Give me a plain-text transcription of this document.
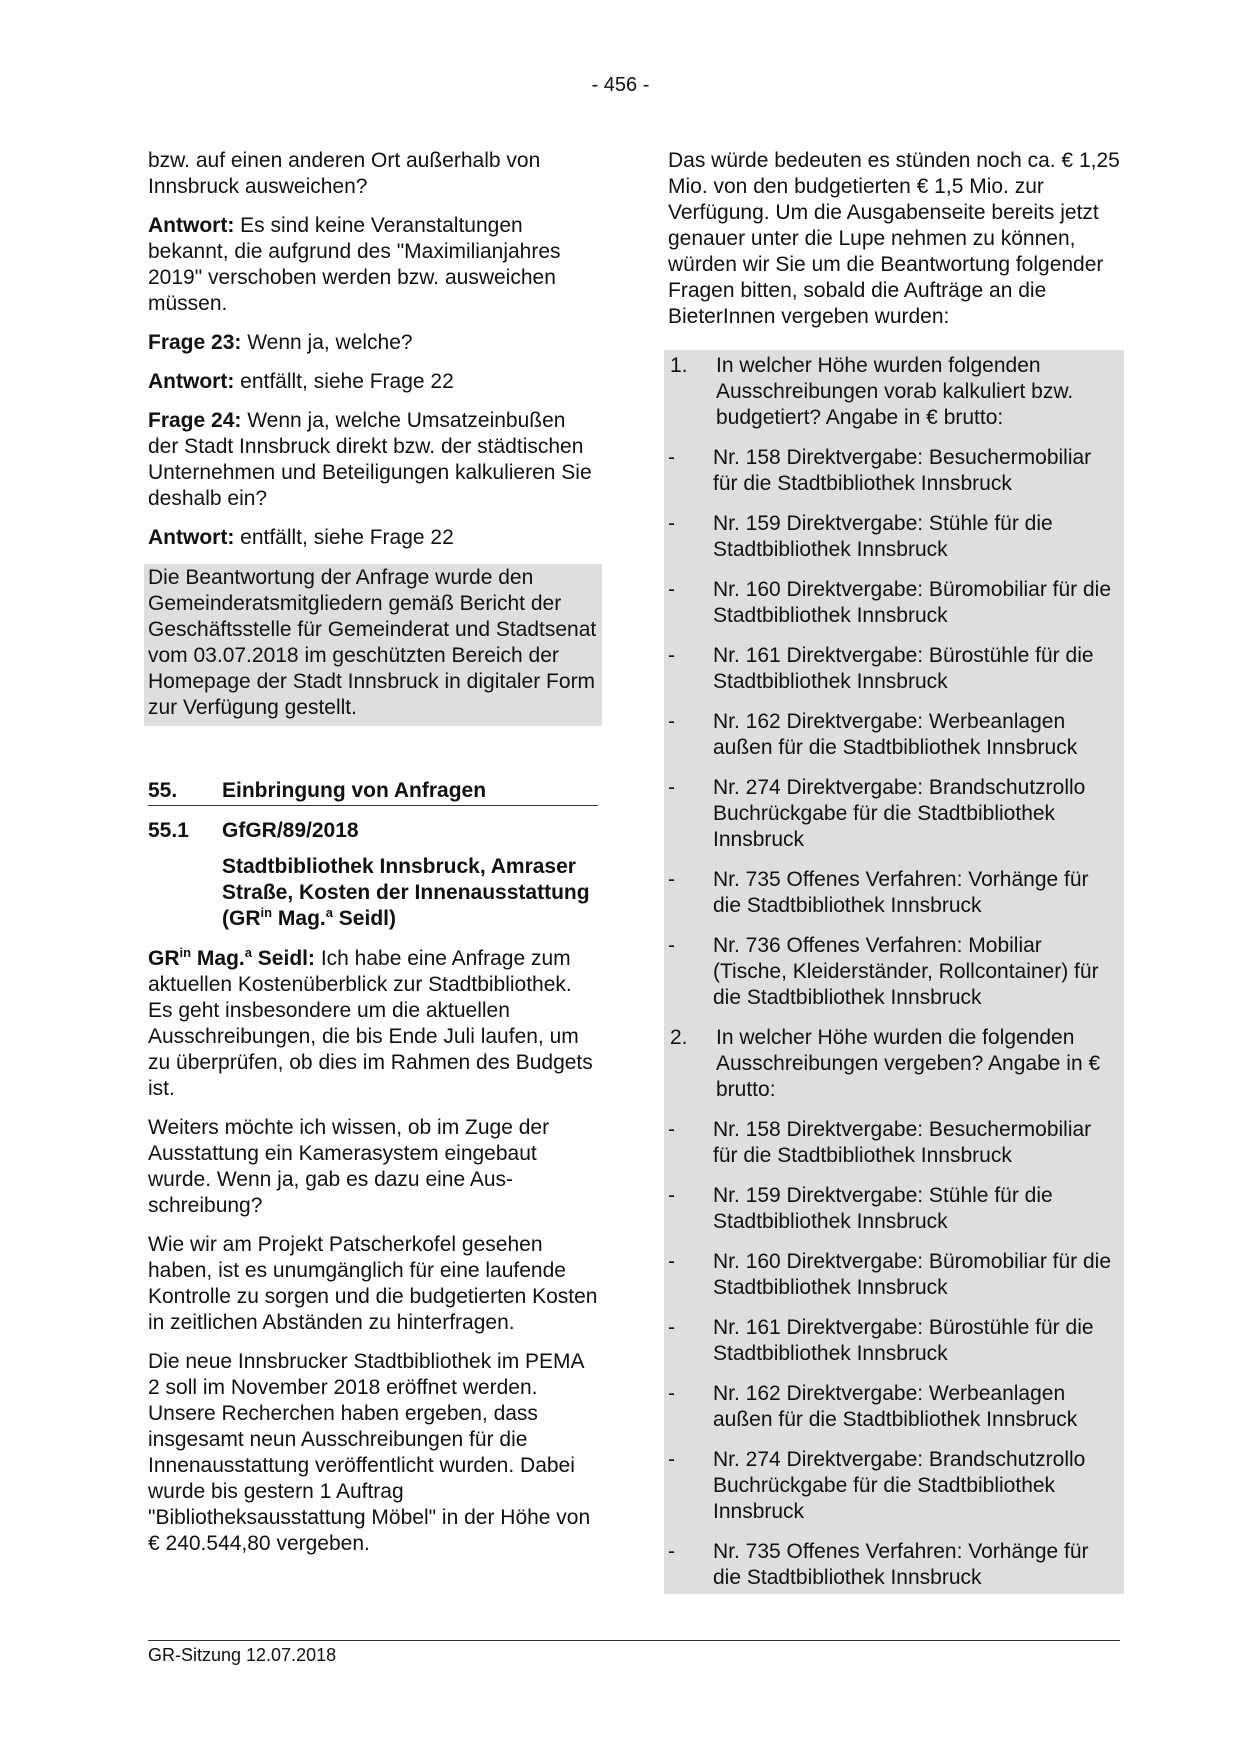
- 456 -

bzw. auf einen anderen Ort außerhalb von Innsbruck ausweichen?

Antwort: Es sind keine Veranstaltungen bekannt, die aufgrund des "Maximilianjahres 2019" verschoben werden bzw. ausweichen müssen.

Frage 23: Wenn ja, welche?

Antwort: entfällt, siehe Frage 22

Frage 24: Wenn ja, welche Umsatzeinbußen der Stadt Innsbruck direkt bzw. der städtischen Unternehmen und Beteiligungen kalkulieren Sie deshalb ein?

Antwort: entfällt, siehe Frage 22

Die Beantwortung der Anfrage wurde den Gemeinderatsmitgliedern gemäß Bericht der Geschäftsstelle für Gemeinderat und Stadtsenat vom 03.07.2018 im geschützten Bereich der Homepage der Stadt Innsbruck in digitaler Form zur Verfügung gestellt.

55.	Einbringung von Anfragen
55.1	GfGR/89/2018
Stadtbibliothek Innsbruck, Amraser Straße, Kosten der Innenausstattung ($GR^{in}$ Mag.$^a$ Seidl)

$GR^{in}$ Mag.$^a$ Seidl: Ich habe eine Anfrage zum aktuellen Kostenüberblick zur Stadtbibliothek. Es geht insbesondere um die aktuellen Ausschreibungen, die bis Ende Juli laufen, um zu überprüfen, ob dies im Rahmen des Budgets ist.

Weiters möchte ich wissen, ob im Zuge der Ausstattung ein Kamerasystem eingebaut wurde. Wenn ja, gab es dazu eine Ausschreibung?

Wie wir am Projekt Patscherkofel gesehen haben, ist es unumgänglich für eine laufende Kontrolle zu sorgen und die budgetierten Kosten in zeitlichen Abständen zu hinterfragen.

Die neue Innsbrucker Stadtbibliothek im PEMA 2 soll im November 2018 eröffnet werden. Unsere Recherchen haben ergeben, dass insgesamt neun Ausschreibungen für die Innenausstattung veröffentlicht wurden. Dabei wurde bis gestern 1 Auftrag "Bibliotheksausstattung Möbel" in der Höhe von € 240.544,80 vergeben.

Das würde bedeuten es stünden noch ca. € 1,25 Mio. von den budgetierten € 1,5 Mio. zur Verfügung. Um die Ausgabenseite bereits jetzt genauer unter die Lupe nehmen zu können, würden wir Sie um die Beantwortung folgender Fragen bitten, sobald die Aufträge an die BieterInnen vergeben wurden:

1.	In welcher Höhe wurden folgenden Ausschreibungen vorab kalkuliert bzw. budgetiert? Angabe in € brutto:
-	Nr. 158 Direktvergabe: Besuchermobiliar für die Stadtbibliothek Innsbruck
-	Nr. 159 Direktvergabe: Stühle für die Stadtbibliothek Innsbruck
-	Nr. 160 Direktvergabe: Büromobiliar für die Stadtbibliothek Innsbruck
-	Nr. 161 Direktvergabe: Bürostühle für die Stadtbibliothek Innsbruck
-	Nr. 162 Direktvergabe: Werbeanlagen außen für die Stadtbibliothek Innsbruck
-	Nr. 274 Direktvergabe: Brandschutzrollo Buchrückgabe für die Stadtbibliothek Innsbruck
-	Nr. 735 Offenes Verfahren: Vorhänge für die Stadtbibliothek Innsbruck
-	Nr. 736 Offenes Verfahren: Mobiliar (Tische, Kleiderständer, Rollcontainer) für die Stadtbibliothek Innsbruck
2.	In welcher Höhe wurden die folgenden Ausschreibungen vergeben? Angabe in € brutto:
-	Nr. 158 Direktvergabe: Besuchermobiliar für die Stadtbibliothek Innsbruck
-	Nr. 159 Direktvergabe: Stühle für die Stadtbibliothek Innsbruck
-	Nr. 160 Direktvergabe: Büromobiliar für die Stadtbibliothek Innsbruck
-	Nr. 161 Direktvergabe: Bürostühle für die Stadtbibliothek Innsbruck
-	Nr. 162 Direktvergabe: Werbeanlagen außen für die Stadtbibliothek Innsbruck
-	Nr. 274 Direktvergabe: Brandschutzrollo Buchrückgabe für die Stadtbibliothek Innsbruck
-	Nr. 735 Offenes Verfahren: Vorhänge für die Stadtbibliothek Innsbruck
GR-Sitzung 12.07.2018
